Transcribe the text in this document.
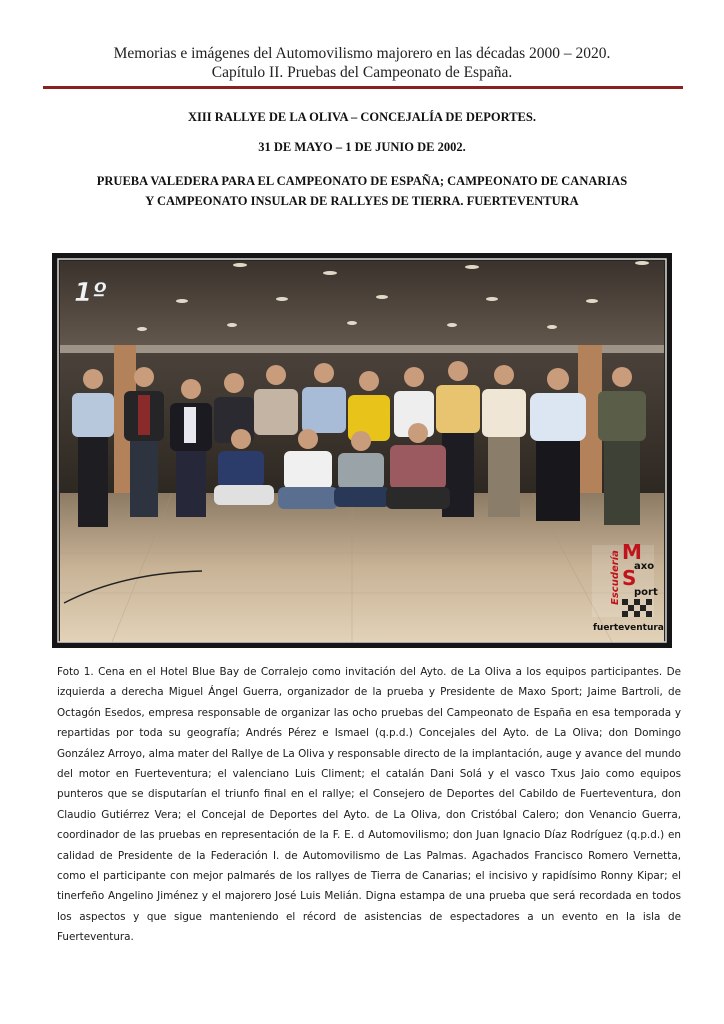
Memorias e imágenes del Automovilismo majorero en las décadas 2000 – 2020.
Capítulo II. Pruebas del Campeonato de España.
XIII RALLYE DE LA OLIVA – CONCEJALÍA DE DEPORTES.
31 DE MAYO – 1 DE JUNIO DE 2002.
PRUEBA VALEDERA PARA EL CAMPEONATO DE ESPAÑA; CAMPEONATO DE CANARIAS
Y CAMPEONATO INSULAR DE RALLYES DE TIERRA. FUERTEVENTURA
1º
Escudería M
axo
S
port
fuerteventura
Foto 1. Cena en el Hotel Blue Bay de Corralejo como invitación del Ayto. de La Oliva a los equipos participantes. De izquierda a derecha Miguel Ángel Guerra, organizador de la prueba y Presidente de Maxo Sport; Jaime Bartroli, de Octagón Esedos, empresa responsable de organizar las ocho pruebas del Campeonato de España en esa temporada y repartidas por toda su geografía; Andrés Pérez e Ismael (q.p.d.) Concejales del Ayto. de La Oliva; don Domingo González Arroyo, alma mater del Rallye de La Oliva y responsable directo de la implantación, auge y avance del mundo del motor en Fuerteventura; el valenciano Luis Climent; el catalán Dani Solá y el vasco Txus Jaio como equipos punteros que se disputarían el triunfo final en el rallye; el Consejero de Deportes del Cabildo de Fuerteventura, don Claudio Gutiérrez Vera; el Concejal de Deportes del Ayto. de La Oliva, don Cristóbal Calero; don Venancio Guerra, coordinador de las pruebas en representación de la F. E. d Automovilismo; don Juan Ignacio Díaz Rodríguez (q.p.d.) en calidad de Presidente de la Federación I. de Automovilismo de Las Palmas. Agachados Francisco Romero Vernetta, como el participante con mejor palmarés de los rallyes de Tierra de Canarias; el incisivo y rapidísimo Ronny Kipar; el tinerfeño Angelino Jiménez y el majorero José Luis Melián. Digna estampa de una prueba que será recordada en todos los aspectos y que sigue manteniendo el récord de asistencias de espectadores a un evento en la isla de Fuerteventura.
